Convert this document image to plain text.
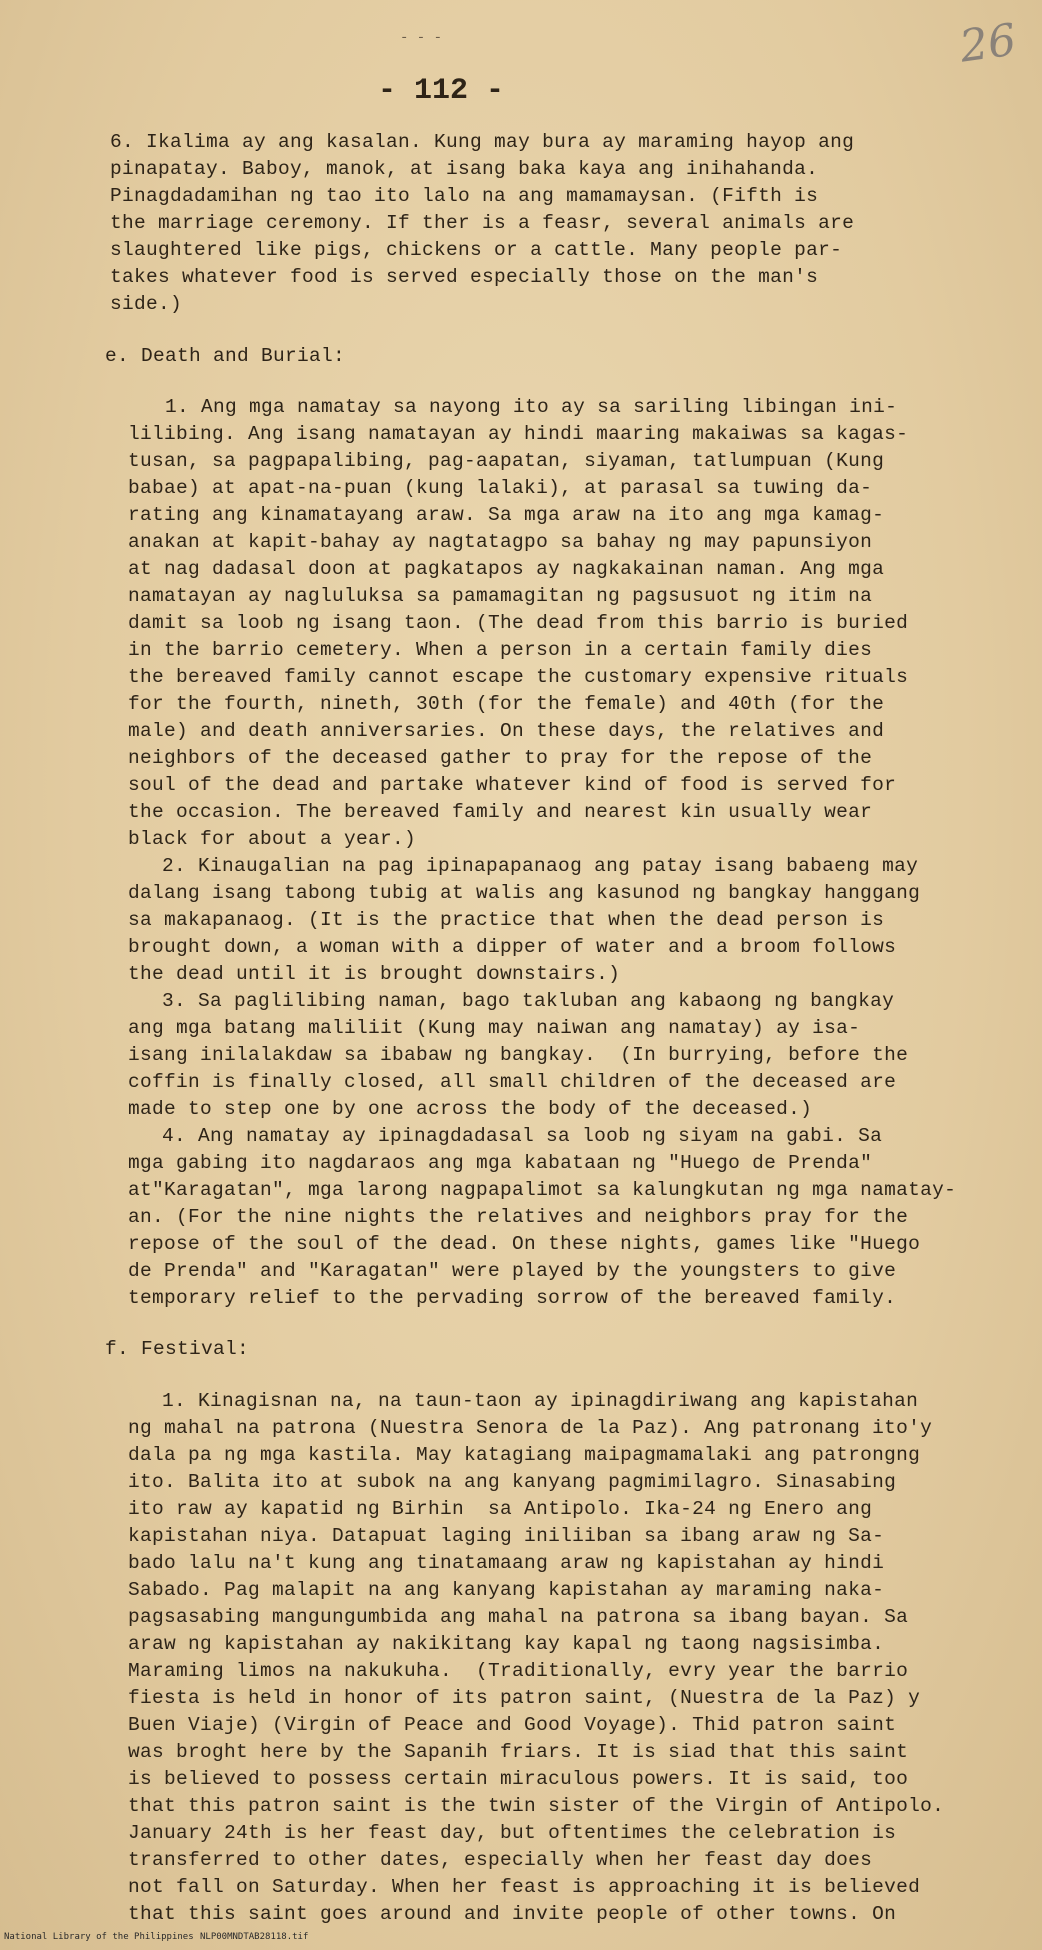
- - -	26
- 112 -
6. Ikalima ay ang kasalan. Kung may bura ay maraming hayop ang
pinapatay. Baboy, manok, at isang baka kaya ang inihahanda.
Pinagdadamihan ng tao ito lalo na ang mamamaysan. (Fifth is
the marriage ceremony. If ther is a feasr, several animals are
slaughtered like pigs, chickens or a cattle. Many people par-
takes whatever food is served especially those on the man's
side.)
e. Death and Burial:
1. Ang mga namatay sa nayong ito ay sa sariling libingan ini-
lilibing. Ang isang namatayan ay hindi maaring makaiwas sa kagas-
tusan, sa pagpapalibing, pag-aapatan, siyaman, tatlumpuan (Kung
babae) at apat-na-puan (kung lalaki), at parasal sa tuwing da-
rating ang kinamatayang araw. Sa mga araw na ito ang mga kamag-
anakan at kapit-bahay ay nagtatagpo sa bahay ng may papunsiyon
at nag dadasal doon at pagkatapos ay nagkakainan naman. Ang mga
namatayan ay nagluluksa sa pamamagitan ng pagsusuot ng itim na
damit sa loob ng isang taon. (The dead from this barrio is buried
in the barrio cemetery. When a person in a certain family dies
the bereaved family cannot escape the customary expensive rituals
for the fourth, nineth, 30th (for the female) and 40th (for the
male) and death anniversaries. On these days, the relatives and
neighbors of the deceased gather to pray for the repose of the
soul of the dead and partake whatever kind of food is served for
the occasion. The bereaved family and nearest kin usually wear
black for about a year.)
2. Kinaugalian na pag ipinapapanaog ang patay isang babaeng may
dalang isang tabong tubig at walis ang kasunod ng bangkay hanggang
sa makapanaog. (It is the practice that when the dead person is
brought down, a woman with a dipper of water and a broom follows
the dead until it is brought downstairs.)
3. Sa paglilibing naman, bago takluban ang kabaong ng bangkay
ang mga batang maliliit (Kung may naiwan ang namatay) ay isa-
isang inilalakdaw sa ibabaw ng bangkay.  (In burrying, before the
coffin is finally closed, all small children of the deceased are
made to step one by one across the body of the deceased.)
4. Ang namatay ay ipinagdadasal sa loob ng siyam na gabi. Sa
mga gabing ito nagdaraos ang mga kabataan ng "Huego de Prenda"
at"Karagatan", mga larong nagpapalimot sa kalungkutan ng mga namatay-
an. (For the nine nights the relatives and neighbors pray for the
repose of the soul of the dead. On these nights, games like "Huego
de Prenda" and "Karagatan" were played by the youngsters to give
temporary relief to the pervading sorrow of the bereaved family.
f. Festival:
1. Kinagisnan na, na taun-taon ay ipinagdiriwang ang kapistahan
ng mahal na patrona (Nuestra Senora de la Paz). Ang patronang ito'y
dala pa ng mga kastila. May katagiang maipagmamalaki ang patrongng
ito. Balita ito at subok na ang kanyang pagmimilagro. Sinasabing
ito raw ay kapatid ng Birhin  sa Antipolo. Ika-24 ng Enero ang
kapistahan niya. Datapuat laging iniliiban sa ibang araw ng Sa-
bado lalu na't kung ang tinatamaang araw ng kapistahan ay hindi
Sabado. Pag malapit na ang kanyang kapistahan ay maraming naka-
pagsasabing mangungumbida ang mahal na patrona sa ibang bayan. Sa
araw ng kapistahan ay nakikitang kay kapal ng taong nagsisimba.
Maraming limos na nakukuha.  (Traditionally, evry year the barrio
fiesta is held in honor of its patron saint, (Nuestra de la Paz) y
Buen Viaje) (Virgin of Peace and Good Voyage). Thid patron saint
was broght here by the Sapanih friars. It is siad that this saint
is believed to possess certain miraculous powers. It is said, too
that this patron saint is the twin sister of the Virgin of Antipolo.
January 24th is her feast day, but oftentimes the celebration is
transferred to other dates, especially when her feast day does
not fall on Saturday. When her feast is approaching it is believed
that this saint goes around and invite people of other towns. On
National Library of the Philippines NLP00MNDTAB28118.tif
